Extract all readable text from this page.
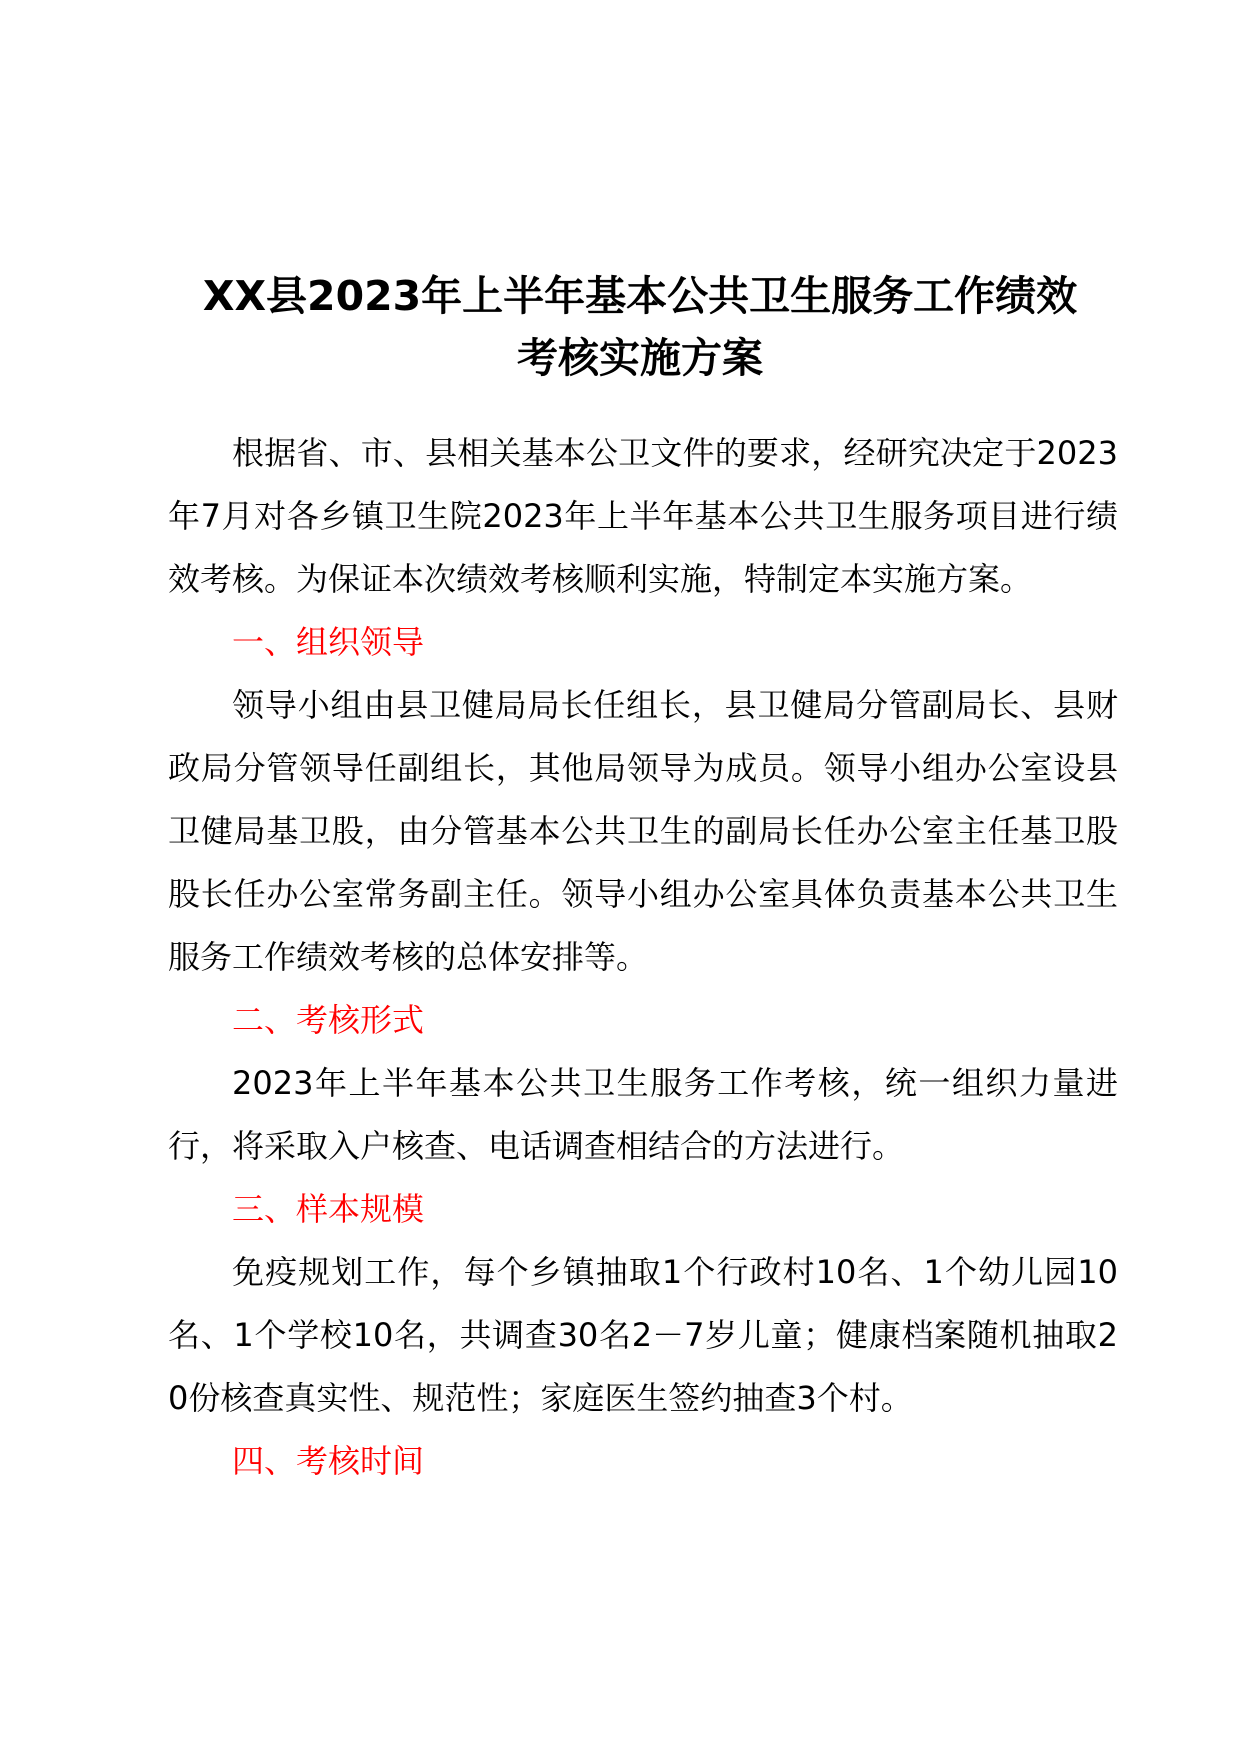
XX县2023年上半年基本公共卫生服务工作绩效
考核实施方案

根据省、市、县相关基本公卫文件的要求，经研究决定于2023年7月对各乡镇卫生院2023年上半年基本公共卫生服务项目进行绩效考核。为保证本次绩效考核顺利实施，特制定本实施方案。

一、组织领导

领导小组由县卫健局局长任组长，县卫健局分管副局长、县财政局分管领导任副组长，其他局领导为成员。领导小组办公室设县卫健局基卫股，由分管基本公共卫生的副局长任办公室主任基卫股股长任办公室常务副主任。领导小组办公室具体负责基本公共卫生服务工作绩效考核的总体安排等。

二、考核形式

2023年上半年基本公共卫生服务工作考核，统一组织力量进行，将采取入户核查、电话调查相结合的方法进行。

三、样本规模

免疫规划工作，每个乡镇抽取1个行政村10名、1个幼儿园10名、1个学校10名，共调查30名2－7岁儿童；健康档案随机抽取20份核查真实性、规范性；家庭医生签约抽查3个村。

四、考核时间
